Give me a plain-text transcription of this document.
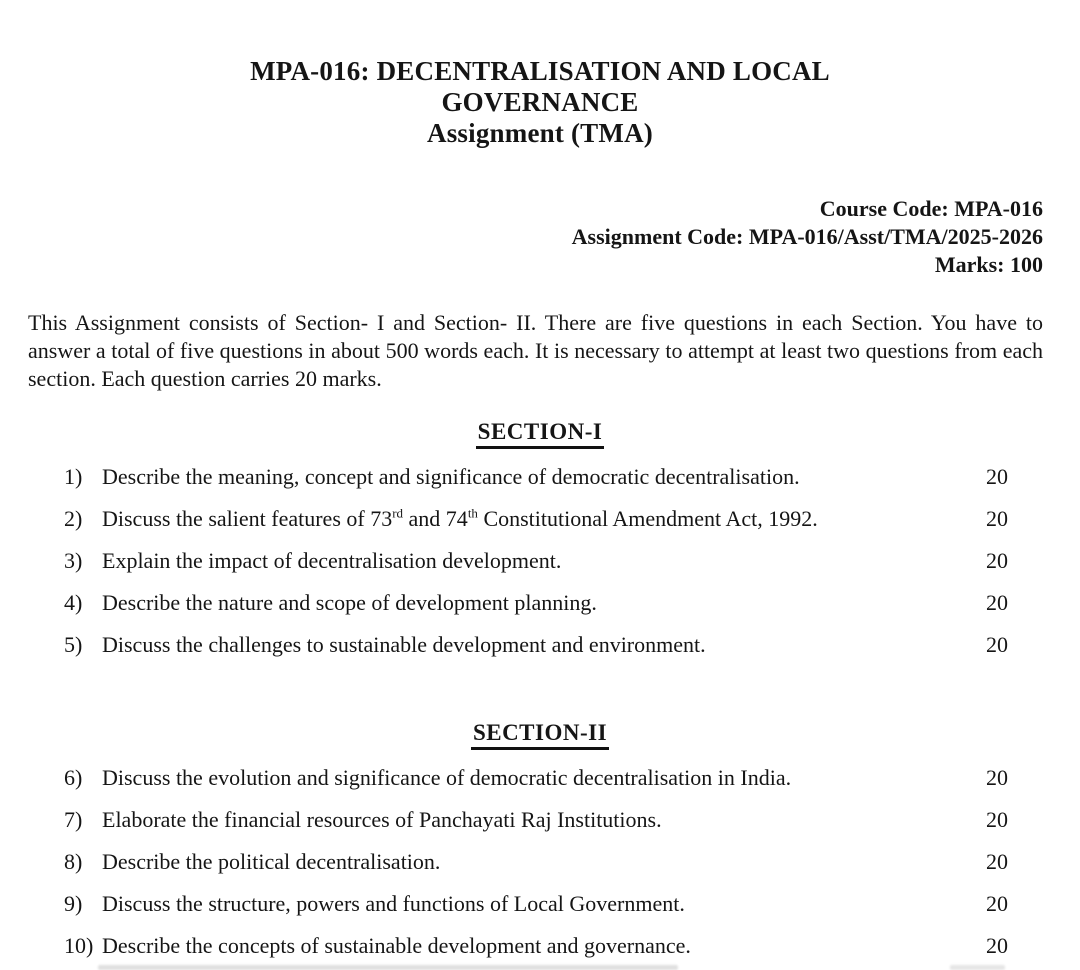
MPA-016: DECENTRALISATION AND LOCAL
GOVERNANCE
Assignment (TMA)
Course Code: MPA-016
Assignment Code: MPA-016/Asst/TMA/2025-2026
Marks: 100

This Assignment consists of Section- I and Section- II. There are five questions in each Section. You have to answer a total of five questions in about 500 words each. It is necessary to attempt at least two questions from each section. Each question carries 20 marks.

SECTION-I
1) Describe the meaning, concept and significance of democratic decentralisation.	20
2) Discuss the salient features of 73rd and 74th Constitutional Amendment Act, 1992.	20
3) Explain the impact of decentralisation development.	20
4) Describe the nature and scope of development planning.	20
5) Discuss the challenges to sustainable development and environment.	20
SECTION-II
6) Discuss the evolution and significance of democratic decentralisation in India.	20
7) Elaborate the financial resources of Panchayati Raj Institutions.	20
8) Describe the political decentralisation.	20
9) Discuss the structure, powers and functions of Local Government.	20
10) Describe the concepts of sustainable development and governance.	20
